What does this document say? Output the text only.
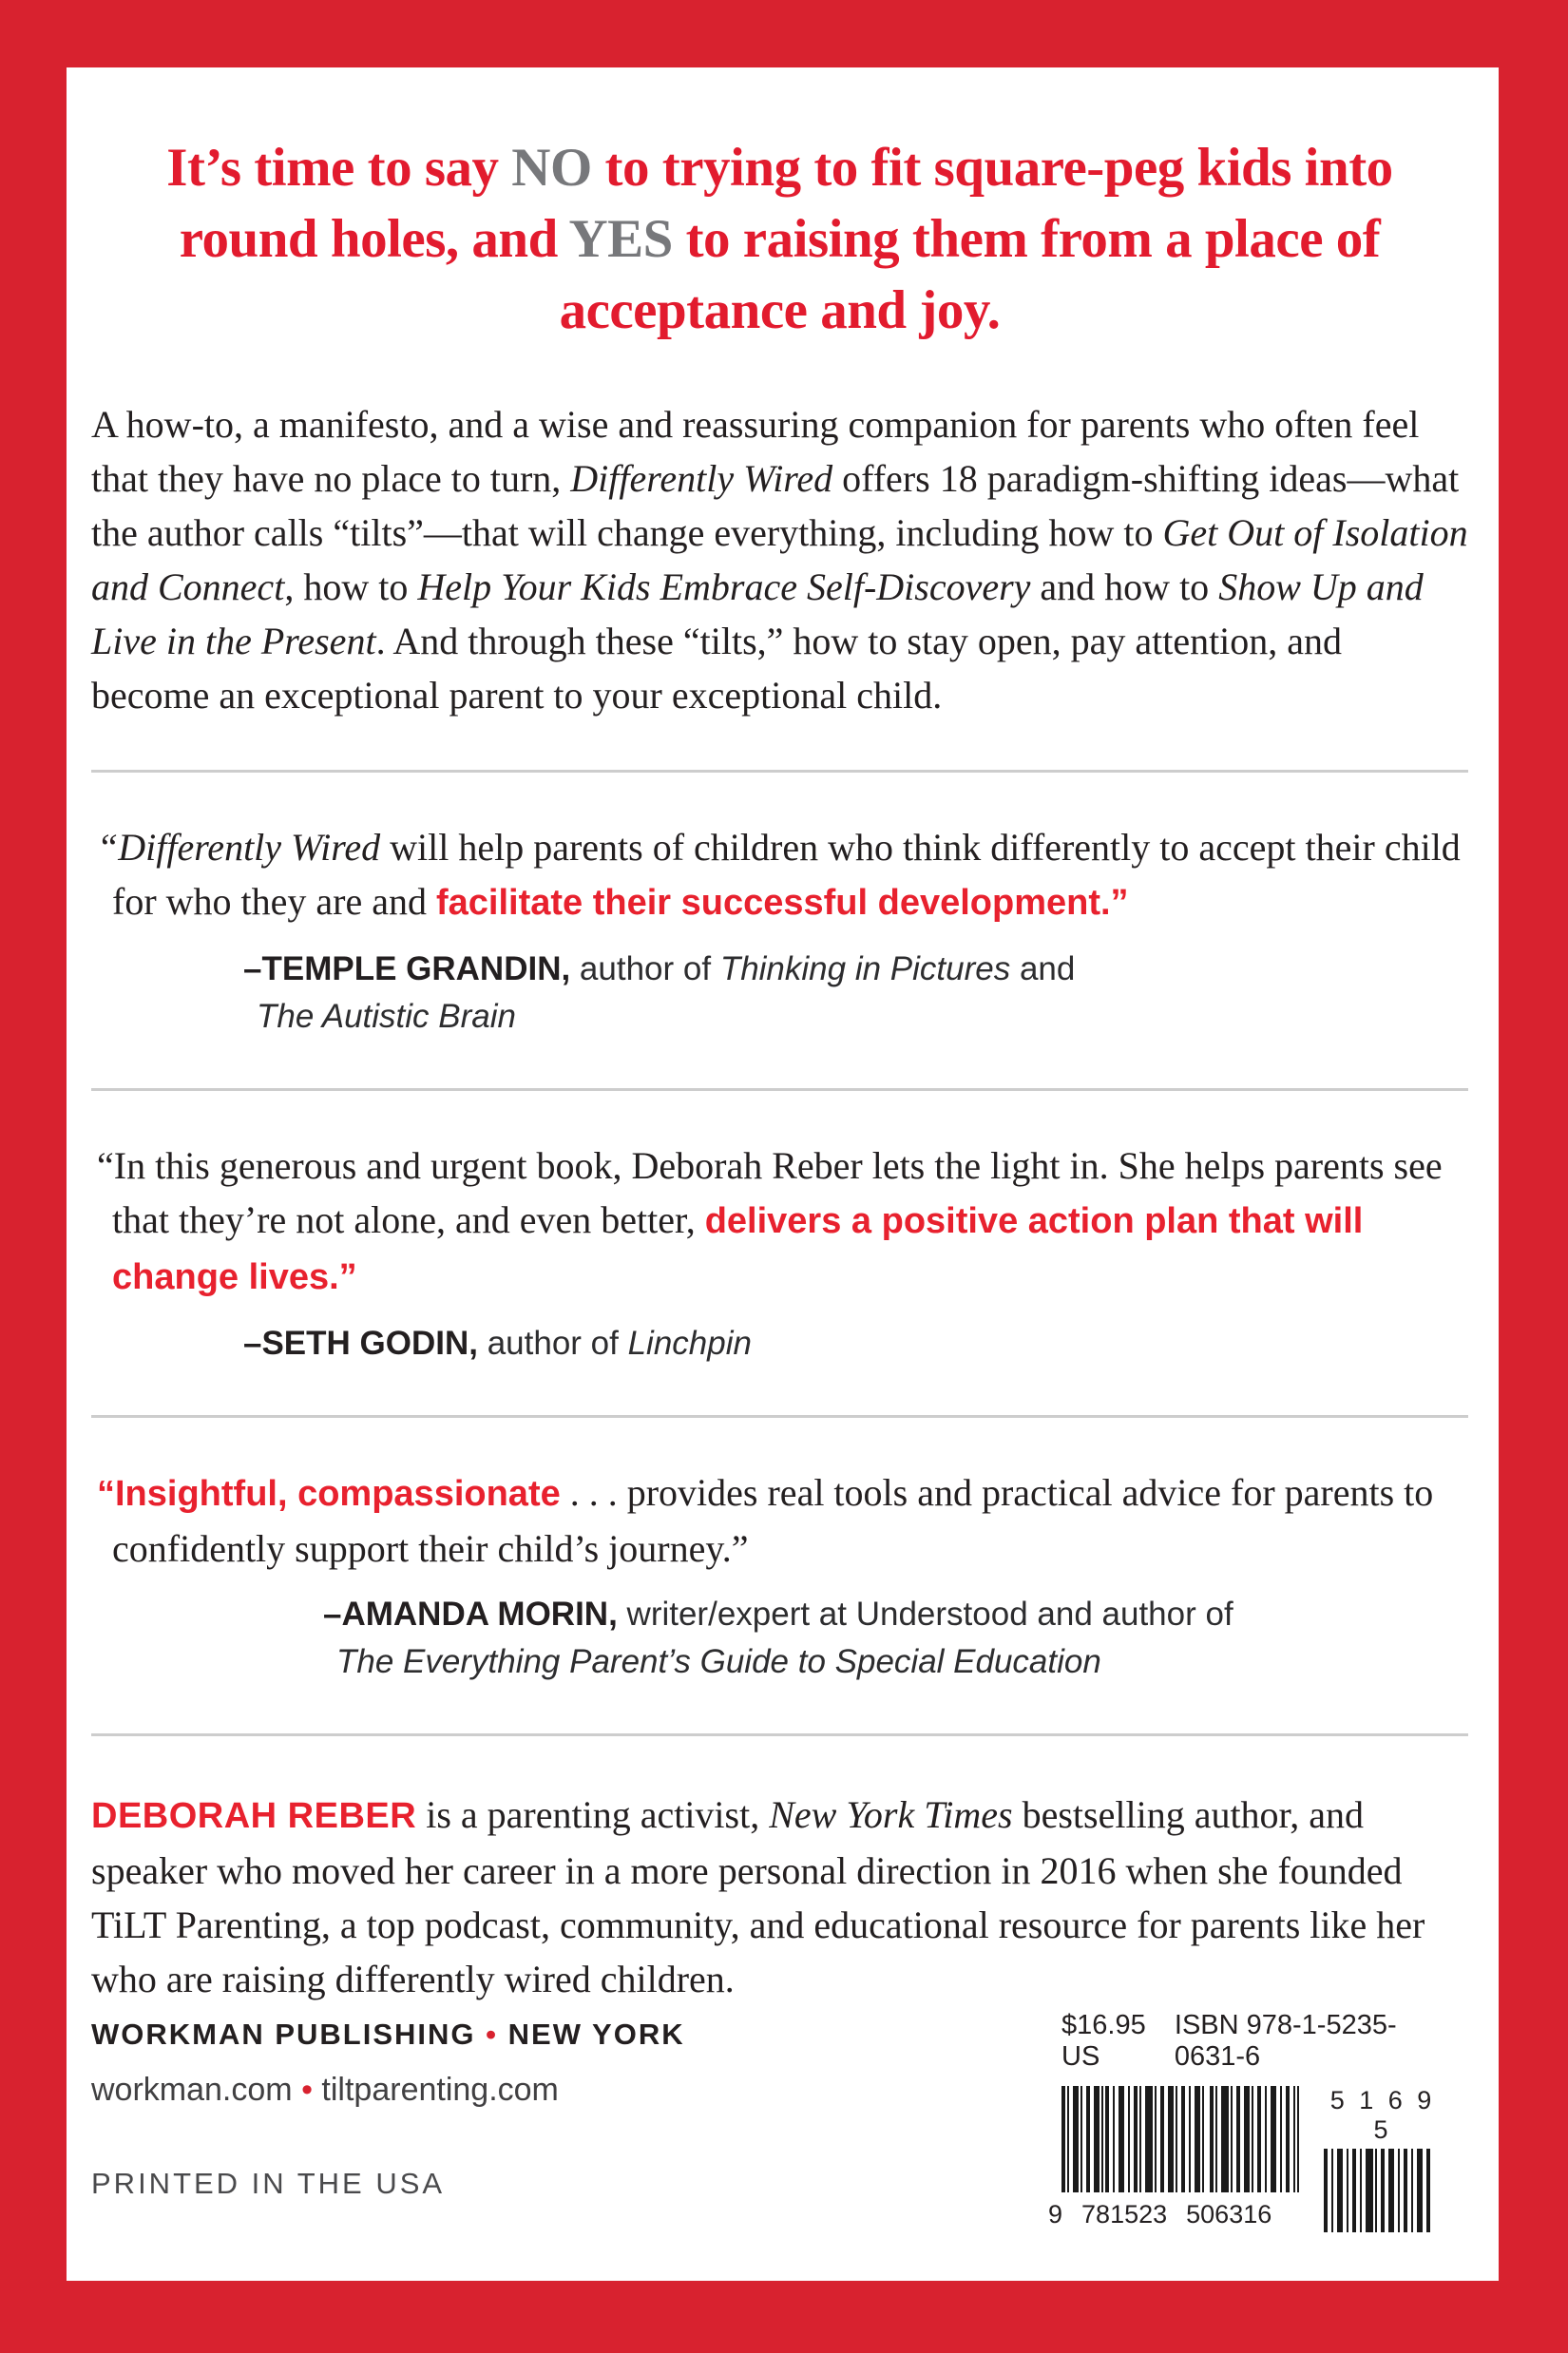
It’s time to say NO to trying to fit square-peg kids into round holes, and YES to raising them from a place of acceptance and joy.

A how-to, a manifesto, and a wise and reassuring companion for parents who often feel that they have no place to turn, Differently Wired offers 18 paradigm-shifting ideas—what the author calls “tilts”—that will change everything, including how to Get Out of Isolation and Connect, how to Help Your Kids Embrace Self-Discovery and how to Show Up and Live in the Present. And through these “tilts,” how to stay open, pay attention, and become an exceptional parent to your exceptional child.

“Differently Wired will help parents of children who think differently to accept their child for who they are and facilitate their successful development.”

–TEMPLE GRANDIN, author of Thinking in Pictures and

The Autistic Brain

“In this generous and urgent book, Deborah Reber lets the light in. She helps parents see that they’re not alone, and even better, delivers a positive action plan that will change lives.”

–SETH GODIN, author of Linchpin

“Insightful, compassionate . . . provides real tools and practical advice for parents to confidently support their child’s journey.”

–AMANDA MORIN, writer/expert at Understood and author of

The Everything Parent’s Guide to Special Education

DEBORAH REBER is a parenting activist, New York Times bestselling author, and speaker who moved her career in a more personal direction in 2016 when she founded TiLT Parenting, a top podcast, community, and educational resource for parents like her who are raising differently wired children.

WORKMAN PUBLISHING • NEW YORK

workman.com • tiltparenting.com

PRINTED IN THE USA

$16.95 US
ISBN 978-1-5235-0631-6
9 781523 506316
5 1 6 9 5
